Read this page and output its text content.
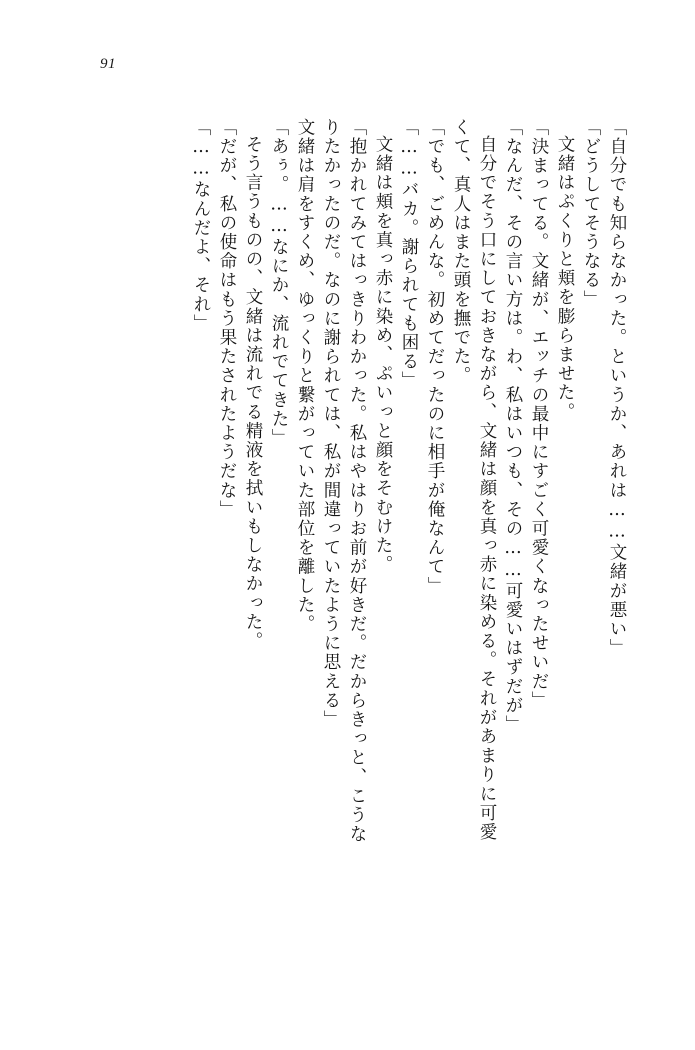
91
「自分でも知らなかった。というか、あれは……文緒が悪い」
「どうしてそうなる」
文緒はぷくりと頬を膨らませた。
「決まってる。文緒が、エッチの最中にすごく可愛くなったせいだ」
「なんだ、その言い方は。わ、私はいつも、その……可愛いはずだが」
自分でそう口にしておきながら、文緒は顔を真っ赤に染める。それがあまりに可愛
くて、真人はまた頭を撫でた。
「でも、ごめんな。初めてだったのに相手が俺なんて」
「……バカ。謝られても困る」
文緒は頬を真っ赤に染め、ぷいっと顔をそむけた。
「抱かれてみてはっきりわかった。私はやはりお前が好きだ。だからきっと、こうな
りたかったのだ。なのに謝られては、私が間違っていたように思える」
文緒は肩をすくめ、ゆっくりと繋がっていた部位を離した。
「あぅ。……なにか、流れでてきた」
そう言うものの、文緒は流れでる精液を拭いもしなかった。
「だが、私の使命はもう果たされたようだな」
「……なんだよ、それ」
